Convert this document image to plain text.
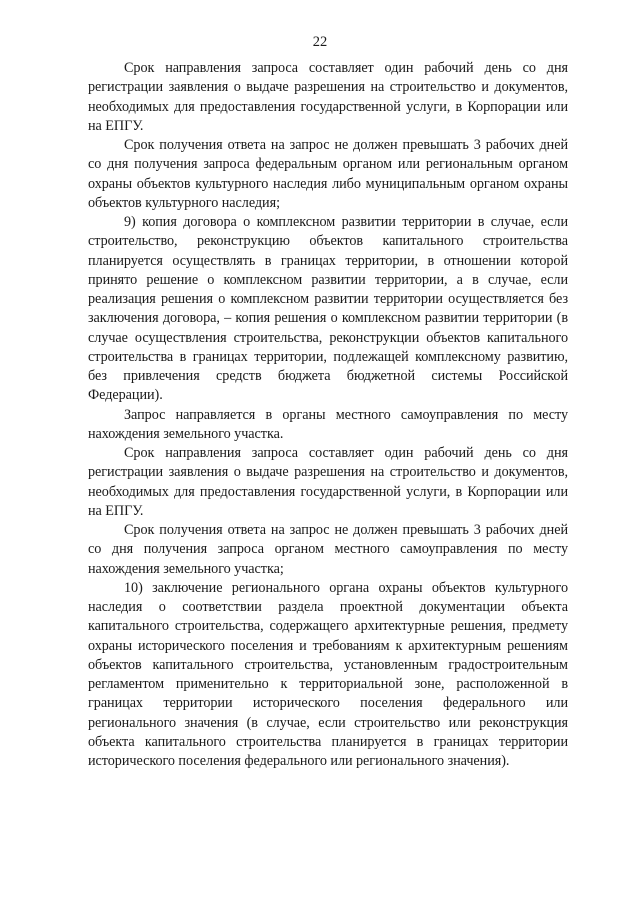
22

Срок направления запроса составляет один рабочий день со дня регистрации заявления о выдаче разрешения на строительство и документов, необходимых для предоставления государственной услуги, в Корпорации или на ЕПГУ.

Срок получения ответа на запрос не должен превышать 3 рабочих дней со дня получения запроса федеральным органом или региональным органом охраны объектов культурного наследия либо муниципальным органом охраны объектов культурного наследия;

9) копия договора о комплексном развитии территории в случае, если строительство, реконструкцию объектов капитального строительства планируется осуществлять в границах территории, в отношении которой принято решение о комплексном развитии территории, а в случае, если реализация решения о комплексном развитии территории осуществляется без заключения договора, – копия решения о комплексном развитии территории (в случае осуществления строительства, реконструкции объектов капитального строительства в границах территории, подлежащей комплексному развитию, без привлечения средств бюджета бюджетной системы Российской Федерации).

Запрос направляется в органы местного самоуправления по месту нахождения земельного участка.

Срок направления запроса составляет один рабочий день со дня регистрации заявления о выдаче разрешения на строительство и документов, необходимых для предоставления государственной услуги, в Корпорации или на ЕПГУ.

Срок получения ответа на запрос не должен превышать 3 рабочих дней со дня получения запроса органом местного самоуправления по месту нахождения земельного участка;

10) заключение регионального органа охраны объектов культурного наследия о соответствии раздела проектной документации объекта капитального строительства, содержащего архитектурные решения, предмету охраны исторического поселения и требованиям к архитектурным решениям объектов капитального строительства, установленным градостроительным регламентом применительно к территориальной зоне, расположенной в границах территории исторического поселения федерального или регионального значения (в случае, если строительство или реконструкция объекта капитального строительства планируется в границах территории исторического поселения федерального или регионального значения).
